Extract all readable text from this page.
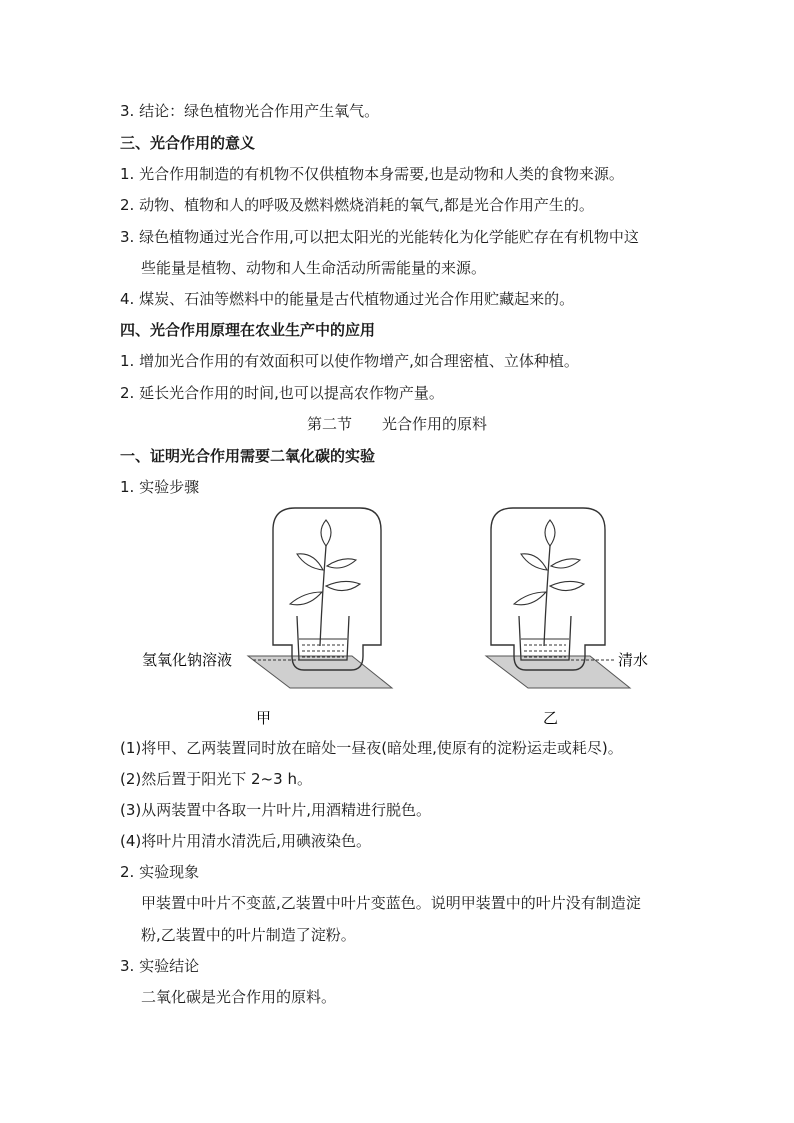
3. 结论：绿色植物光合作用产生氧气。
三、光合作用的意义
1. 光合作用制造的有机物不仅供植物本身需要,也是动物和人类的食物来源。
2. 动物、植物和人的呼吸及燃料燃烧消耗的氧气,都是光合作用产生的。
3. 绿色植物通过光合作用,可以把太阳光的光能转化为化学能贮存在有机物中这
些能量是植物、动物和人生命活动所需能量的来源。
4. 煤炭、石油等燃料中的能量是古代植物通过光合作用贮藏起来的。
四、光合作用原理在农业生产中的应用
1. 增加光合作用的有效面积可以使作物增产,如合理密植、立体种植。
2. 延长光合作用的时间,也可以提高农作物产量。
第二节　　光合作用的原料
一、证明光合作用需要二氧化碳的实验
1. 实验步骤
甲	乙
氢氧化钠溶液	清水
(1)将甲、乙两装置同时放在暗处一昼夜(暗处理,使原有的淀粉运走或耗尽)。
(2)然后置于阳光下 2~3 h。
(3)从两装置中各取一片叶片,用酒精进行脱色。
(4)将叶片用清水清洗后,用碘液染色。
2. 实验现象
甲装置中叶片不变蓝,乙装置中叶片变蓝色。说明甲装置中的叶片没有制造淀
粉,乙装置中的叶片制造了淀粉。
3. 实验结论
二氧化碳是光合作用的原料。
